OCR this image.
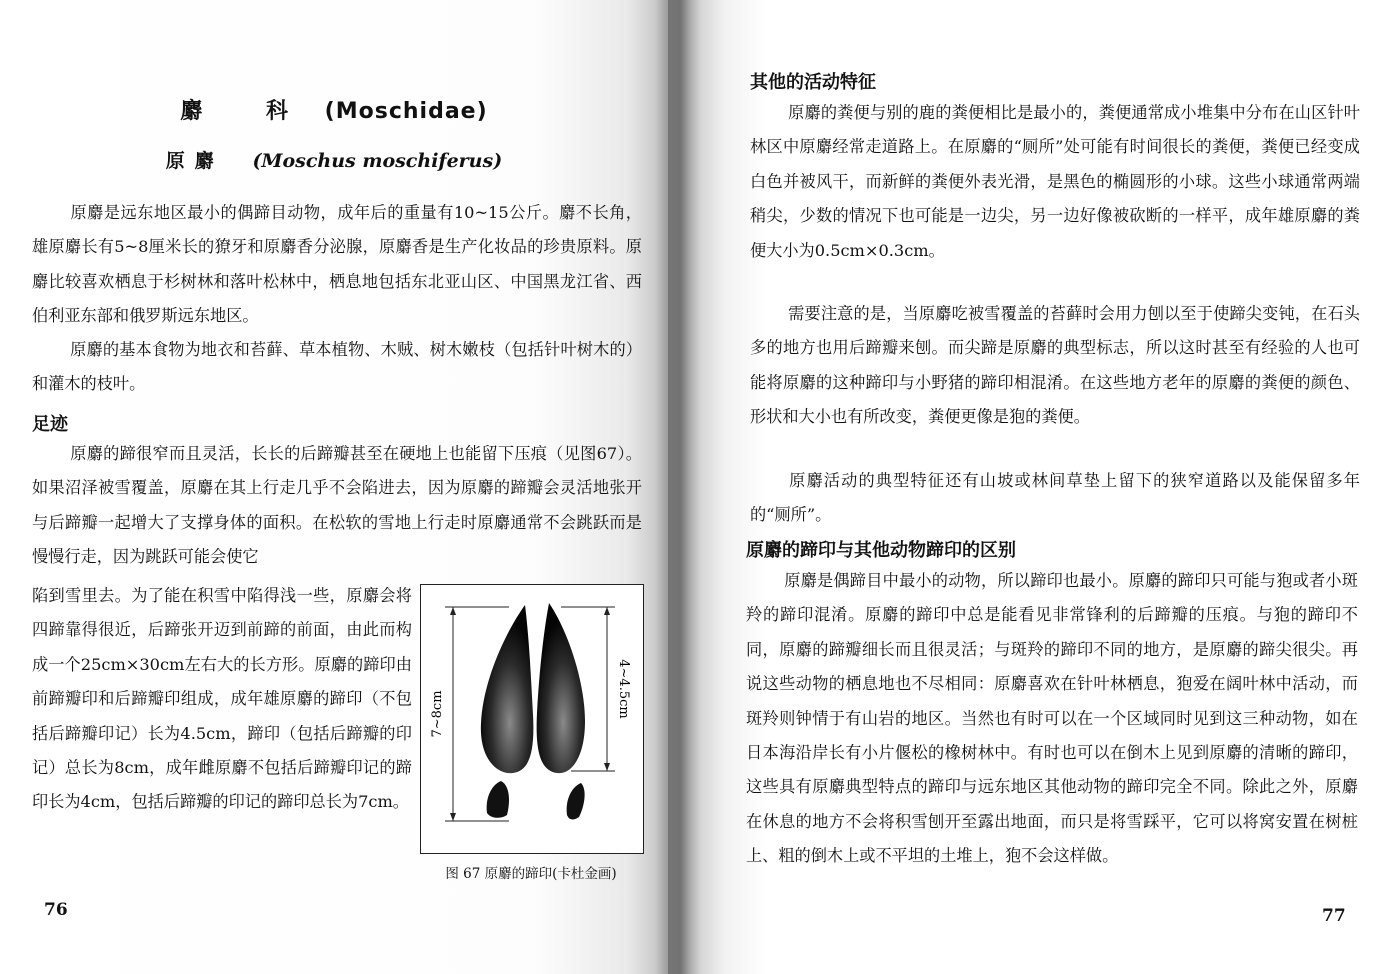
麝 科 (Moschidae)
原麝 (Moschus moschiferus)

原麝是远东地区最小的偶蹄目动物，成年后的重量有10~15公斤。麝不长角，雄原麝长有5~8厘米长的獠牙和原麝香分泌腺，原麝香是生产化妆品的珍贵原料。原麝比较喜欢栖息于杉树林和落叶松林中，栖息地包括东北亚山区、中国黑龙江省、西伯利亚东部和俄罗斯远东地区。

原麝的基本食物为地衣和苔藓、草本植物、木贼、树木嫩枝（包括针叶树木的）和灌木的枝叶。

足迹

原麝的蹄很窄而且灵活，长长的后蹄瓣甚至在硬地上也能留下压痕（见图67）。如果沼泽被雪覆盖，原麝在其上行走几乎不会陷进去，因为原麝的蹄瓣会灵活地张开与后蹄瓣一起增大了支撑身体的面积。在松软的雪地上行走时原麝通常不会跳跃而是慢慢行走，因为跳跃可能会使它

陷到雪里去。为了能在积雪中陷得浅一些，原麝会将四蹄靠得很近，后蹄张开迈到前蹄的前面，由此而构成一个25cm×30cm左右大的长方形。原麝的蹄印由前蹄瓣印和后蹄瓣印组成，成年雄原麝的蹄印（不包括后蹄瓣印记）长为4.5cm，蹄印（包括后蹄瓣的印记）总长为8cm，成年雌原麝不包括后蹄瓣印记的蹄印长为4cm，包括后蹄瓣的印记的蹄印总长为7cm。

7~8cm	4~4.5cm
图 67 原麝的蹄印(卡杜金画)
76
其他的活动特征

原麝的粪便与别的鹿的粪便相比是最小的，粪便通常成小堆集中分布在山区针叶林区中原麝经常走道路上。在原麝的“厕所”处可能有时间很长的粪便，粪便已经变成白色并被风干，而新鲜的粪便外表光滑，是黑色的椭圆形的小球。这些小球通常两端稍尖，少数的情况下也可能是一边尖，另一边好像被砍断的一样平，成年雄原麝的粪便大小为0.5cm×0.3cm。

需要注意的是，当原麝吃被雪覆盖的苔藓时会用力刨以至于使蹄尖变钝，在石头多的地方也用后蹄瓣来刨。而尖蹄是原麝的典型标志，所以这时甚至有经验的人也可能将原麝的这种蹄印与小野猪的蹄印相混淆。在这些地方老年的原麝的粪便的颜色、形状和大小也有所改变，粪便更像是狍的粪便。

原麝活动的典型特征还有山坡或林间草垫上留下的狭窄道路以及能保留多年的“厕所”。

原麝的蹄印与其他动物蹄印的区别

原麝是偶蹄目中最小的动物，所以蹄印也最小。原麝的蹄印只可能与狍或者小斑羚的蹄印混淆。原麝的蹄印中总是能看见非常锋利的后蹄瓣的压痕。与狍的蹄印不同，原麝的蹄瓣细长而且很灵活；与斑羚的蹄印不同的地方，是原麝的蹄尖很尖。再说这些动物的栖息地也不尽相同：原麝喜欢在针叶林栖息，狍爱在阔叶林中活动，而斑羚则钟情于有山岩的地区。当然也有时可以在一个区域同时见到这三种动物，如在日本海沿岸长有小片偃松的橡树林中。有时也可以在倒木上见到原麝的清晰的蹄印，这些具有原麝典型特点的蹄印与远东地区其他动物的蹄印完全不同。除此之外，原麝在休息的地方不会将积雪刨开至露出地面，而只是将雪踩平，它可以将窝安置在树桩上、粗的倒木上或不平坦的土堆上，狍不会这样做。

77
